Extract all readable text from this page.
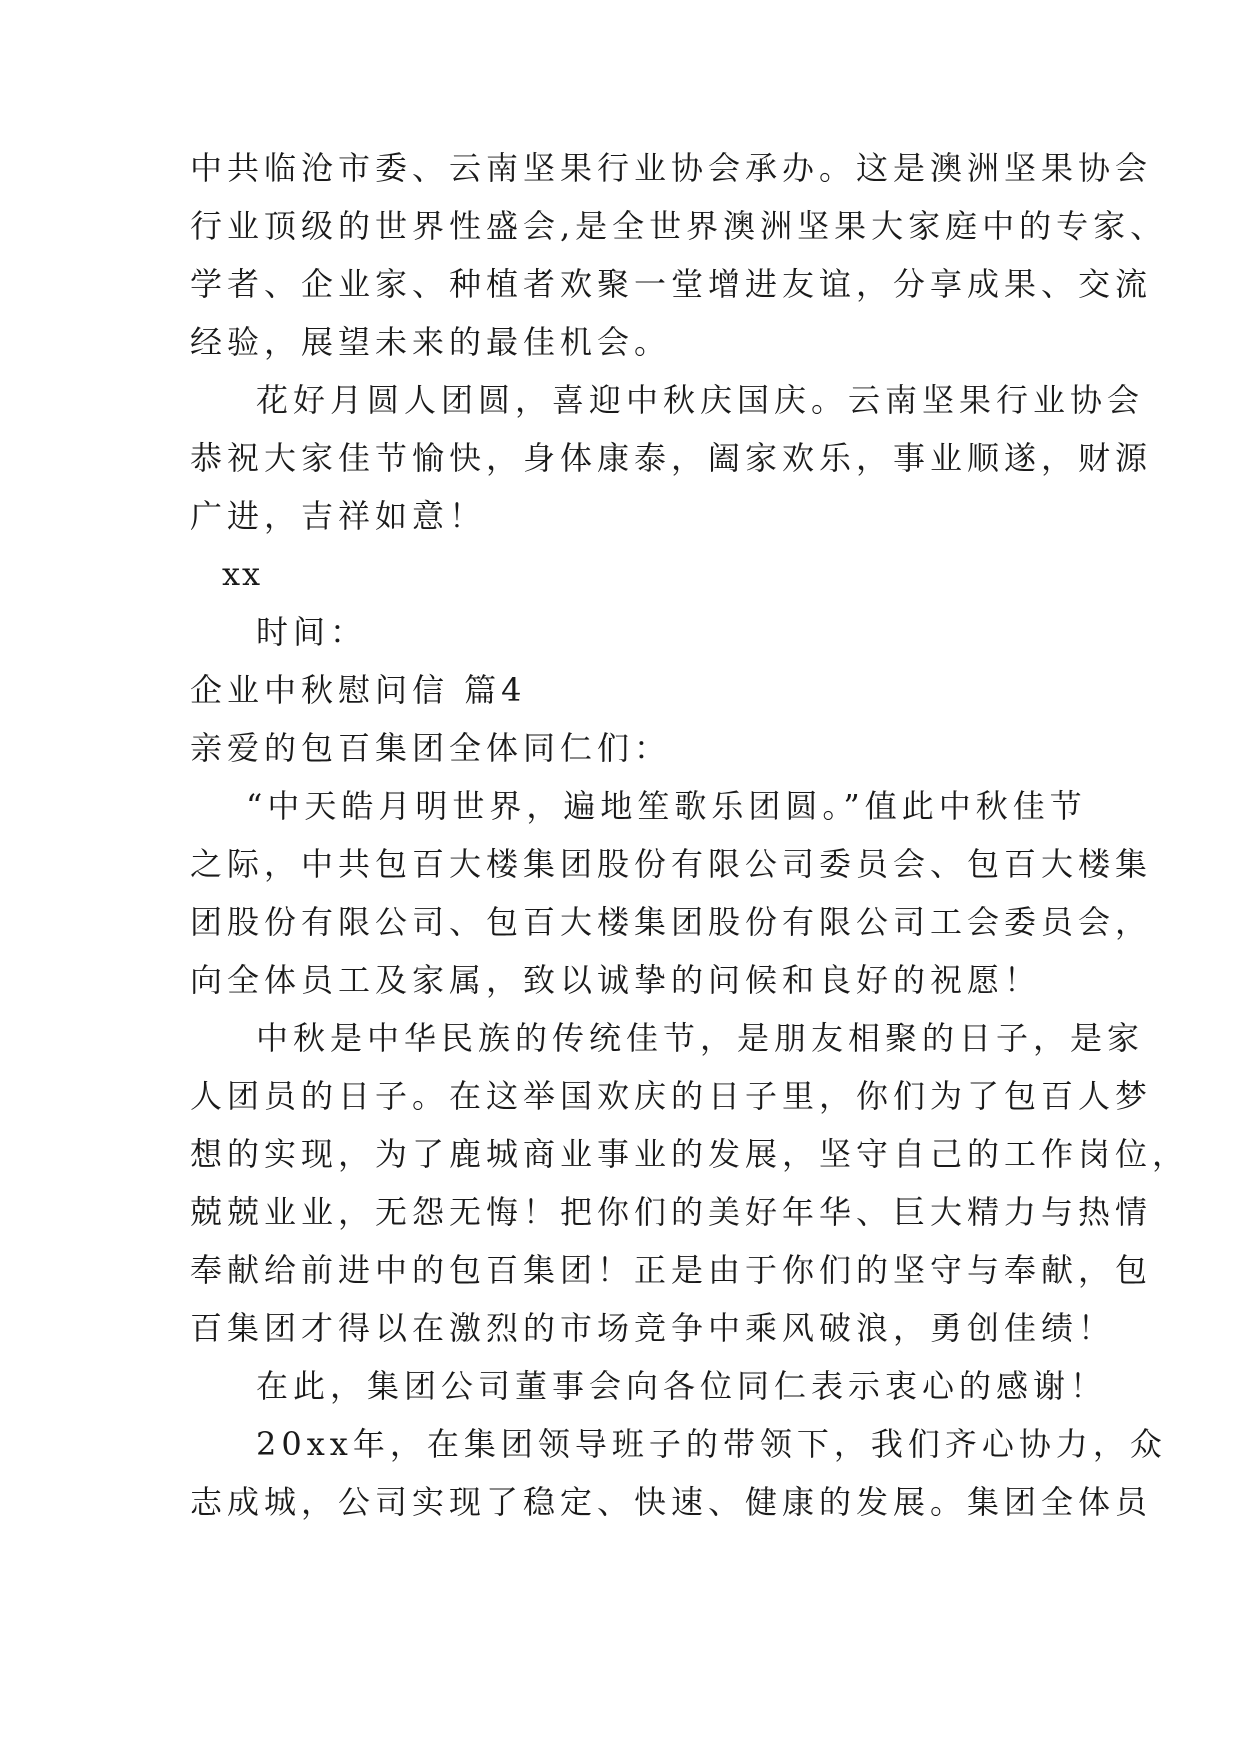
中共临沧市委、云南坚果行业协会承办。这是澳洲坚果协会
行业顶级的世界性盛会,是全世界澳洲坚果大家庭中的专家、
学者、企业家、种植者欢聚一堂增进友谊，分享成果、交流
经验，展望未来的最佳机会。
花好月圆人团圆，喜迎中秋庆国庆。云南坚果行业协会
恭祝大家佳节愉快，身体康泰，阖家欢乐，事业顺遂，财源
广进，吉祥如意！
xx
时间：
企业中秋慰问信 篇4
亲爱的包百集团全体同仁们：
“中天皓月明世界，遍地笙歌乐团圆。”值此中秋佳节
之际，中共包百大楼集团股份有限公司委员会、包百大楼集
团股份有限公司、包百大楼集团股份有限公司工会委员会，
向全体员工及家属，致以诚挚的问候和良好的祝愿！
中秋是中华民族的传统佳节，是朋友相聚的日子，是家
人团员的日子。在这举国欢庆的日子里，你们为了包百人梦
想的实现，为了鹿城商业事业的发展，坚守自己的工作岗位，
兢兢业业，无怨无悔！把你们的美好年华、巨大精力与热情
奉献给前进中的包百集团！正是由于你们的坚守与奉献，包
百集团才得以在激烈的市场竞争中乘风破浪，勇创佳绩！
在此，集团公司董事会向各位同仁表示衷心的感谢！
20xx年，在集团领导班子的带领下，我们齐心协力，众
志成城，公司实现了稳定、快速、健康的发展。集团全体员
